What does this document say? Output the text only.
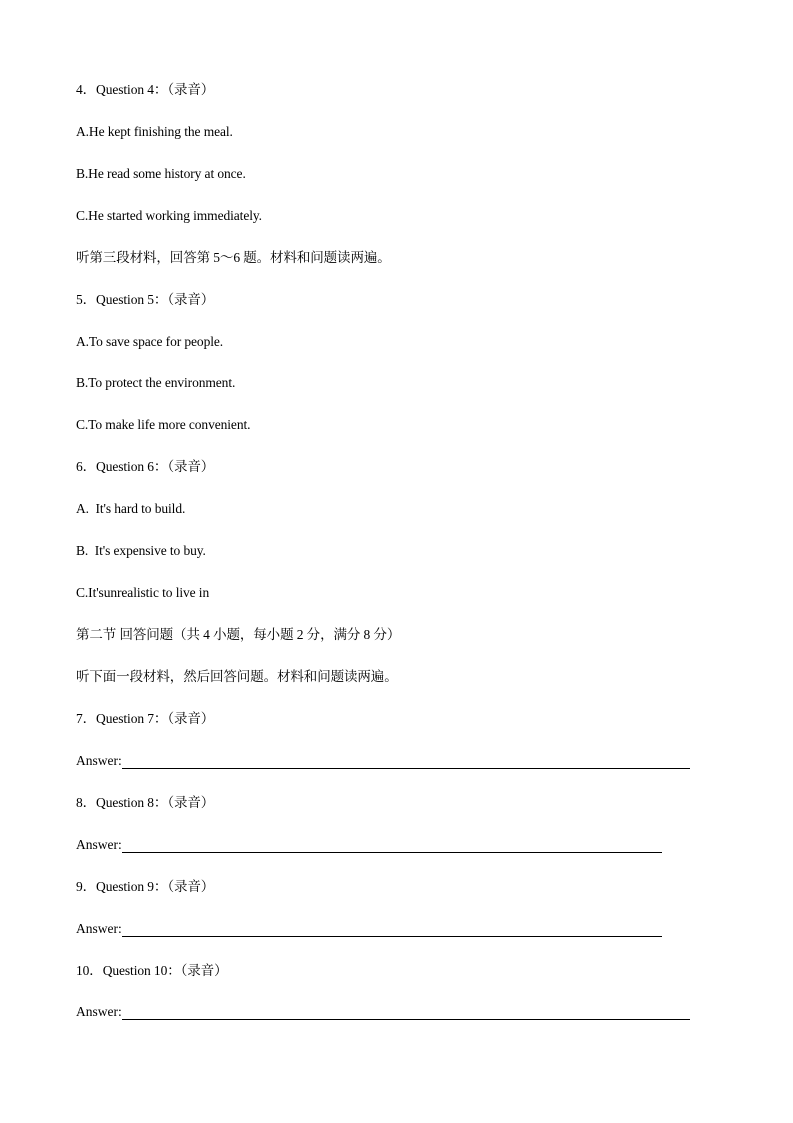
4．Question 4：（录音）
A.He kept finishing the meal.
B.He read some history at once.
C.He started working immediately.
听第三段材料，回答第 5～6 题。材料和问题读两遍。
5．Question 5：（录音）
A.To save space for people.
B.To protect the environment.
C.To make life more convenient.
6．Question 6：（录音）
A.  It's hard to build.
B.  It's expensive to buy.
C.It'sunrealistic to live in
第二节 回答问题（共 4 小题，每小题 2 分，满分 8 分）
听下面一段材料，然后回答问题。材料和问题读两遍。
7．Question 7：（录音）
Answer:
8．Question 8：（录音）
Answer:
9．Question 9：（录音）
Answer:
10．Question 10：（录音）
Answer:
